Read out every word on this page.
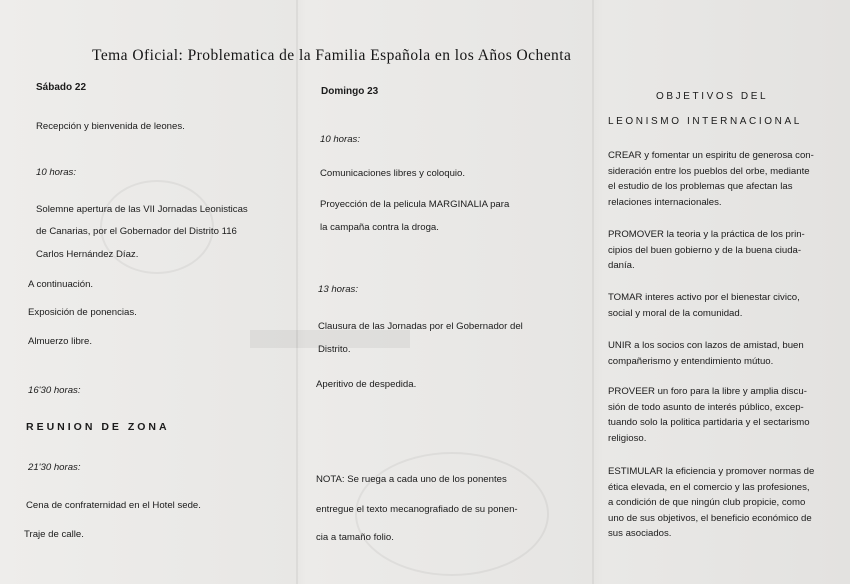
Tema Oficial: Problematica de la Familia Española en los Años Ochenta
Sábado 22
Recepción y bienvenida de leones.
10 horas:
Solemne apertura de las VII Jornadas Leonisticas
de Canarias, por el Gobernador del Distrito 116
Carlos Hernández Díaz.
A continuación.
Exposición de ponencias.
Almuerzo libre.
16'30 horas:
REUNION DE ZONA
21'30 horas:
Cena de confraternidad en el Hotel sede.
Traje de calle.
Domingo 23
10 horas:
Comunicaciones libres y coloquio.
Proyección de la pelicula MARGINALIA para
la campaña contra la droga.
13 horas:
Clausura de las Jornadas por el Gobernador del
Distrito.
Aperitivo de despedida.
NOTA: Se ruega a cada uno de los ponentes
entregue el texto mecanografiado de su ponen-
cia a tamaño folio.
OBJETIVOS DEL
LEONISMO INTERNACIONAL
CREAR y fomentar un espiritu de generosa con-
sideración entre los pueblos del orbe, mediante
el estudio de los problemas que afectan las
relaciones internacionales.
PROMOVER la teoria y la práctica de los prin-
cipios del buen gobierno y de la buena ciuda-
danía.
TOMAR interes activo por el bienestar civico,
social y moral de la comunidad.
UNIR a los socios con lazos de amistad, buen
compañerismo y entendimiento mútuo.
PROVEER un foro para la libre y amplia discu-
sión de todo asunto de interés público, excep-
tuando solo la politica partidaria y el sectarismo
religioso.
ESTIMULAR la eficiencia y promover normas de
ética elevada, en el comercio y las profesiones,
a condición de que ningún club propicie, como
uno de sus objetivos, el beneficio económico de
sus asociados.
